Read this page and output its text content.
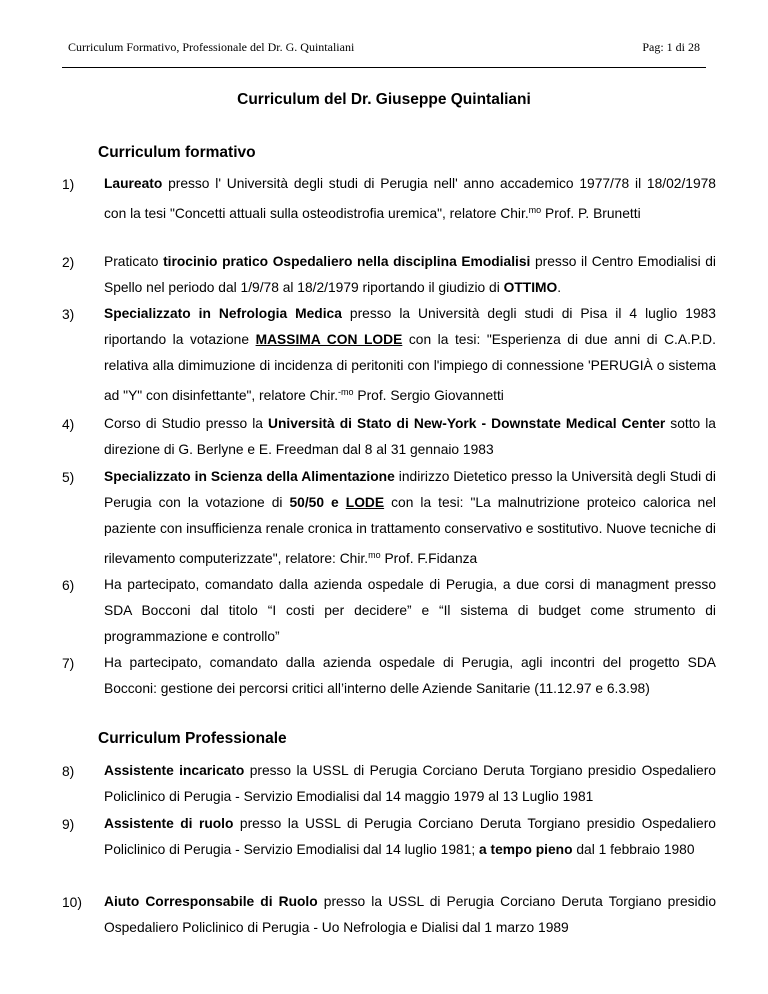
Curriculum Formativo, Professionale del Dr. G. Quintaliani	Pag: 1 di 28
Curriculum del Dr. Giuseppe Quintaliani
Curriculum formativo
1) Laureato presso l' Università degli studi di Perugia nell' anno accademico 1977/78 il 18/02/1978 con la tesi "Concetti attuali sulla osteodistrofia uremica", relatore Chir.$^{mo}$ Prof. P. Brunetti
2) Praticato tirocinio pratico Ospedaliero nella disciplina Emodialisi presso il Centro Emodialisi di Spello nel periodo dal 1/9/78 al 18/2/1979 riportando il giudizio di OTTIMO.
3) Specializzato in Nefrologia Medica presso la Università degli studi di Pisa il 4 luglio 1983 riportando la votazione MASSIMA CON LODE con la tesi: "Esperienza di due anni di C.A.P.D. relativa alla dimimuzione di incidenza di peritoniti con l'impiego di connessione 'PERUGIÀ o sistema ad "Y" con disinfettante", relatore Chir.$^{-mo}$ Prof. Sergio Giovannetti
4) Corso di Studio presso la Università di Stato di New-York - Downstate Medical Center sotto la direzione di G. Berlyne e E. Freedman dal 8 al 31 gennaio 1983
5) Specializzato in Scienza della Alimentazione indirizzo Dietetico presso la Università degli Studi di Perugia con la votazione di 50/50 e LODE con la tesi: "La malnutrizione proteico calorica nel paziente con insufficienza renale cronica in trattamento conservativo e sostitutivo. Nuove tecniche di rilevamento computerizzate", relatore: Chir.$^{mo}$ Prof. F.Fidanza
6) Ha partecipato, comandato dalla azienda ospedale di Perugia, a due corsi di managment presso SDA Bocconi dal titolo “I costi per decidere” e “Il sistema di budget come strumento di programmazione e controllo”
7) Ha partecipato, comandato dalla azienda ospedale di Perugia, agli incontri del progetto SDA Bocconi: gestione dei percorsi critici all’interno delle Aziende Sanitarie (11.12.97 e 6.3.98)
Curriculum Professionale
8) Assistente incaricato presso la USSL di Perugia Corciano Deruta Torgiano presidio Ospedaliero Policlinico di Perugia - Servizio Emodialisi dal 14 maggio 1979 al 13 Luglio 1981
9) Assistente di ruolo presso la USSL di Perugia Corciano Deruta Torgiano presidio Ospedaliero Policlinico di Perugia - Servizio Emodialisi dal 14 luglio 1981; a tempo pieno dal 1 febbraio 1980
10) Aiuto Corresponsabile di Ruolo presso la USSL di Perugia Corciano Deruta Torgiano presidio Ospedaliero Policlinico di Perugia - Uo Nefrologia e Dialisi dal 1 marzo 1989
